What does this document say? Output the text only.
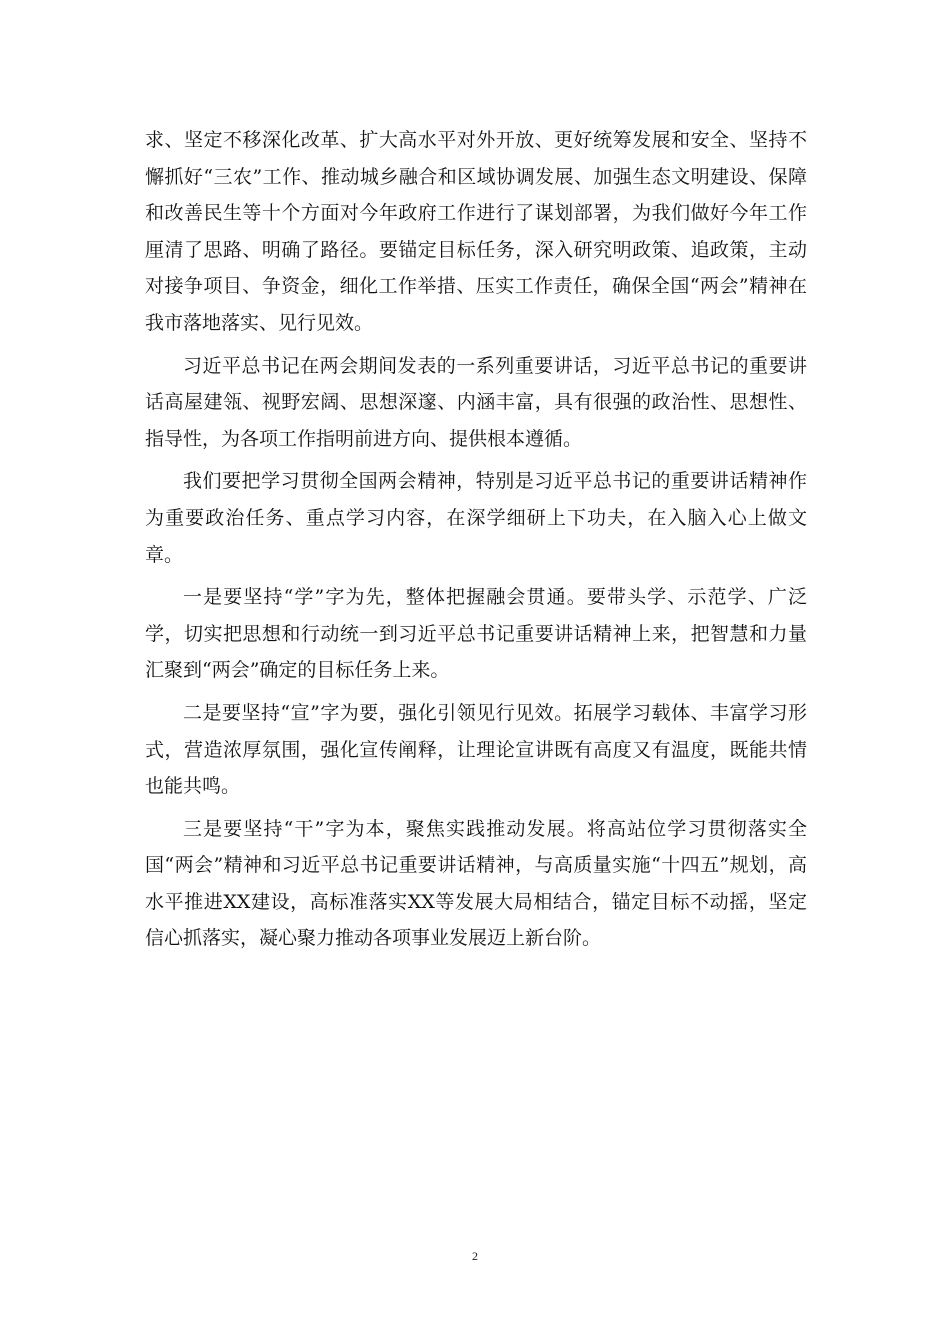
求、坚定不移深化改革、扩大高水平对外开放、更好统筹发展和安全、坚持不懈抓好“三农”工作、推动城乡融合和区域协调发展、加强生态文明建设、保障和改善民生等十个方面对今年政府工作进行了谋划部署，为我们做好今年工作厘清了思路、明确了路径。要锚定目标任务，深入研究明政策、追政策，主动对接争项目、争资金，细化工作举措、压实工作责任，确保全国“两会”精神在我市落地落实、见行见效。

习近平总书记在两会期间发表的一系列重要讲话，习近平总书记的重要讲话高屋建瓴、视野宏阔、思想深邃、内涵丰富，具有很强的政治性、思想性、指导性，为各项工作指明前进方向、提供根本遵循。

我们要把学习贯彻全国两会精神，特别是习近平总书记的重要讲话精神作为重要政治任务、重点学习内容，在深学细研上下功夫，在入脑入心上做文章。

一是要坚持“学”字为先，整体把握融会贯通。要带头学、示范学、广泛学，切实把思想和行动统一到习近平总书记重要讲话精神上来，把智慧和力量汇聚到“两会”确定的目标任务上来。

二是要坚持“宣”字为要，强化引领见行见效。拓展学习载体、丰富学习形式，营造浓厚氛围，强化宣传阐释，让理论宣讲既有高度又有温度，既能共情也能共鸣。

三是要坚持“干”字为本，聚焦实践推动发展。将高站位学习贯彻落实全国“两会”精神和习近平总书记重要讲话精神，与高质量实施“十四五”规划，高水平推进XX建设，高标准落实XX等发展大局相结合，锚定目标不动摇，坚定信心抓落实，凝心聚力推动各项事业发展迈上新台阶。

2
